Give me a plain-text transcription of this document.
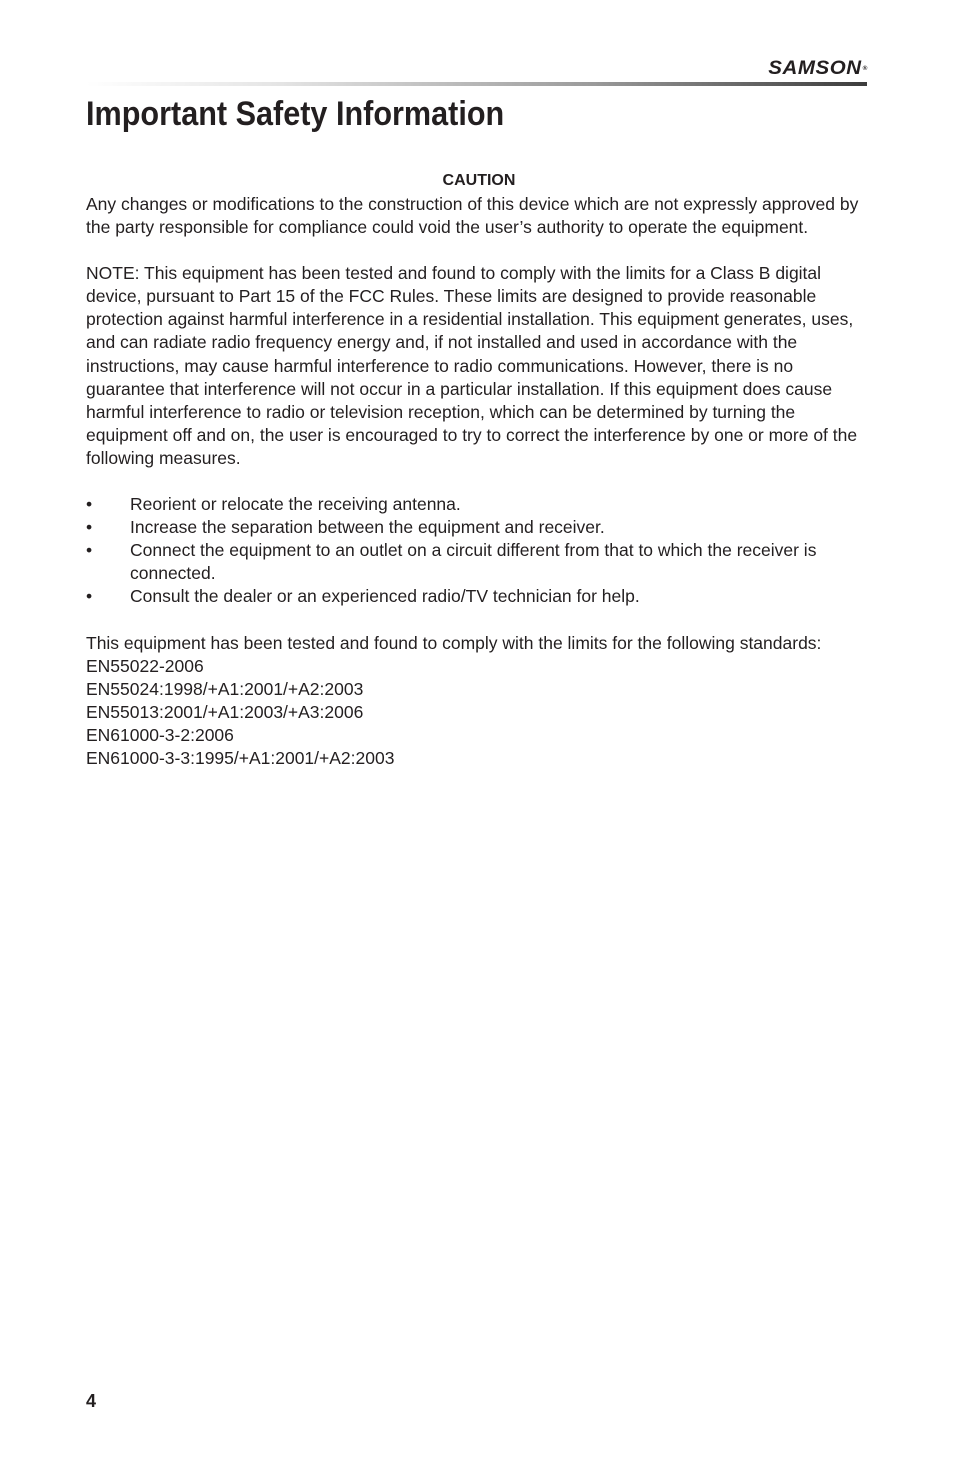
SAMSON®
Important Safety Information

CAUTION

Any changes or modifications to the construction of this device which are not expressly approved by the party responsible for compliance could void the user’s authority to operate the equipment.

NOTE: This equipment has been tested and found to comply with the limits for a Class B digital device, pursuant to Part 15 of the FCC Rules. These limits are designed to provide reasonable protection against harmful interference in a residential installation. This equipment generates, uses, and can radiate radio frequency energy and, if not installed and used in accordance with the instructions, may cause harmful interference to radio communications. However, there is no guarantee that interference will not occur in a particular installation. If this equipment does cause harmful interference to radio or television reception, which can be determined by turning the equipment off and on, the user is encouraged to try to correct the interference by one or more of the following measures.

•	Reorient or relocate the receiving antenna.
•	Increase the separation between the equipment and receiver.
•	Connect the equipment to an outlet on a circuit different from that to which the receiver is connected.
•	Consult the dealer or an experienced radio/TV technician for help.

This equipment has been tested and found to comply with the limits for the following standards:

EN55022-2006
EN55024:1998/+A1:2001/+A2:2003
EN55013:2001/+A1:2003/+A3:2006
EN61000-3-2:2006
EN61000-3-3:1995/+A1:2001/+A2:2003
4
